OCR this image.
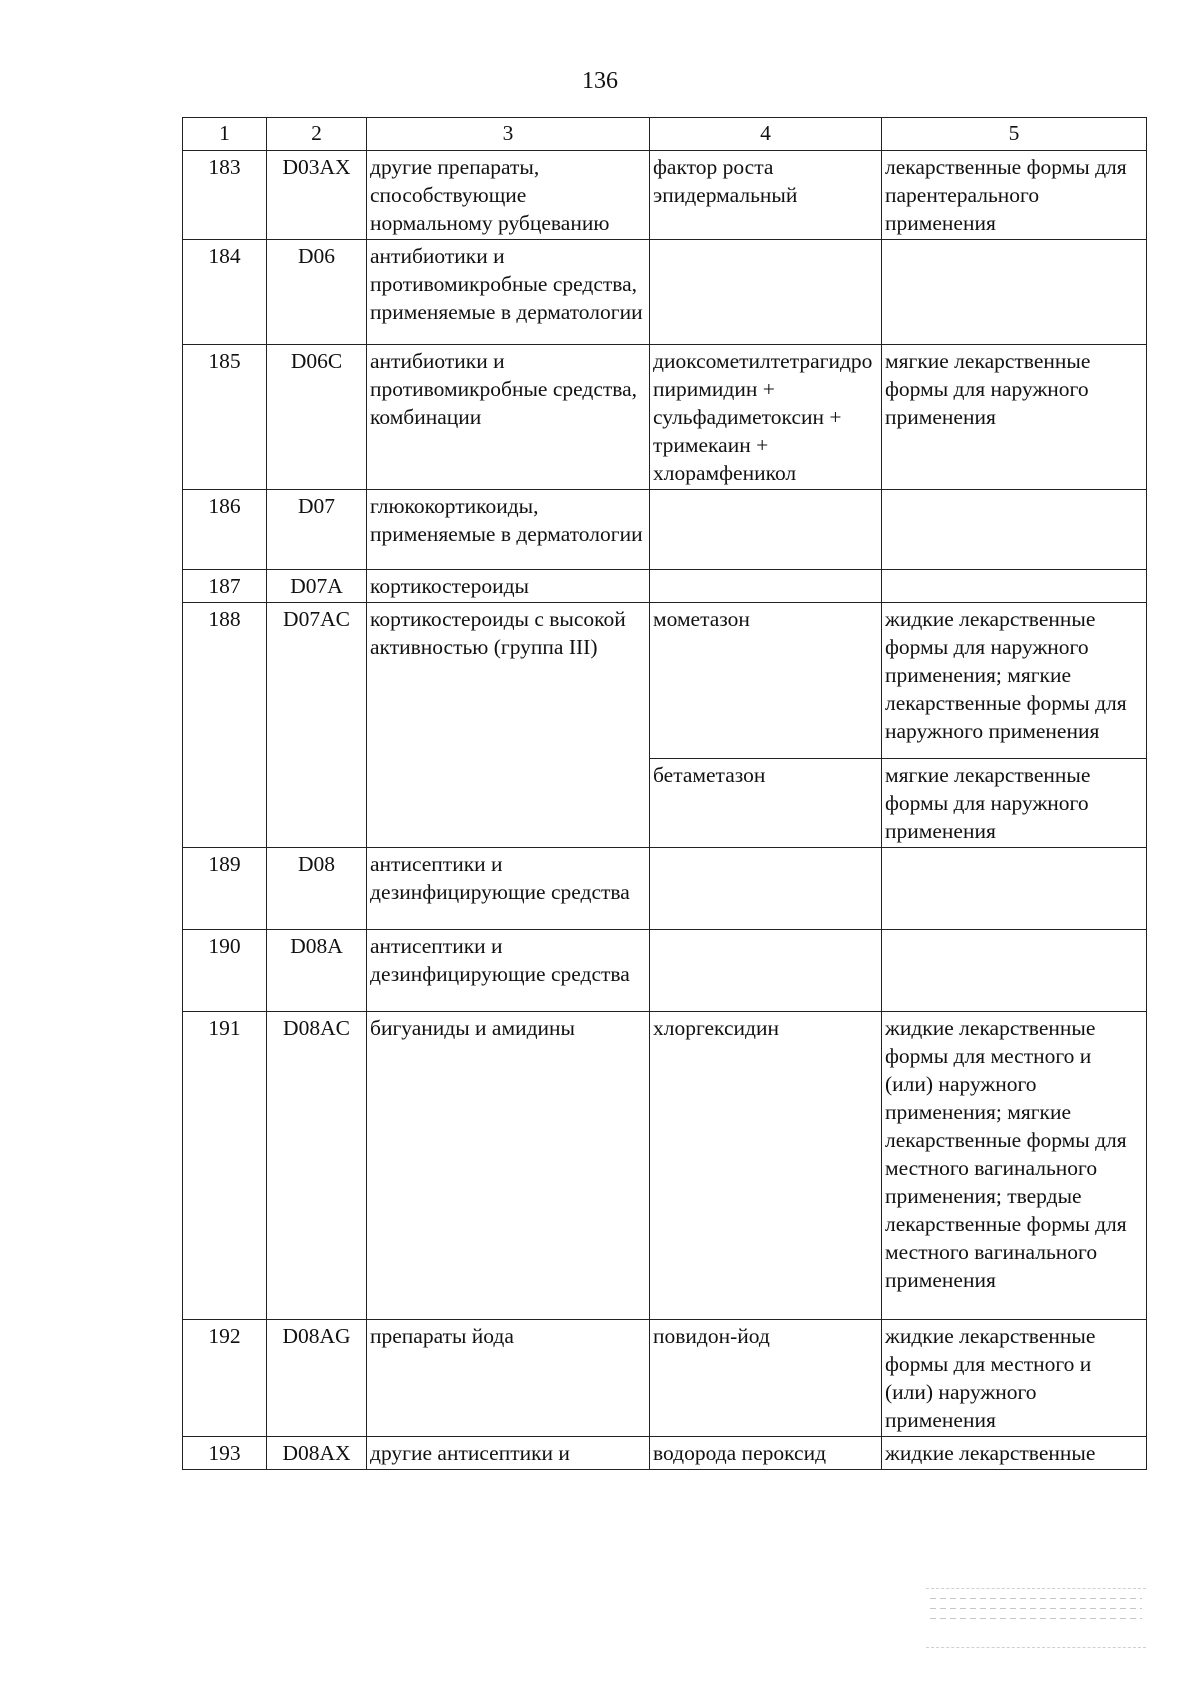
136
1	2	3	4	5
183	D03AX	другие препараты, способствующие нормальному рубцеванию	фактор роста эпидермальный	лекарственные формы для парентерального применения
184	D06	антибиотики и противомикробные средства, применяемые в дерматологии		
185	D06C	антибиотики и противомикробные средства, комбинации	диоксометилтетрагидропиримидин + сульфадиметоксин + тримекаин + хлорамфеникол	мягкие лекарственные формы для наружного применения
186	D07	глюкокортикоиды, применяемые в дерматологии		
187	D07A	кортикостероиды		
188	D07AC	кортикостероиды с высокой активностью (группа III)	мометазон	жидкие лекарственные формы для наружного применения; мягкие лекарственные формы для наружного применения
			бетаметазон	мягкие лекарственные формы для наружного применения
189	D08	антисептики и дезинфицирующие средства		
190	D08A	антисептики и дезинфицирующие средства		
191	D08AC	бигуаниды и амидины	хлоргексидин	жидкие лекарственные формы для местного и (или) наружного применения; мягкие лекарственные формы для местного вагинального применения; твердые лекарственные формы для местного вагинального применения
192	D08AG	препараты йода	повидон-йод	жидкие лекарственные формы для местного и (или) наружного применения
193	D08AX	другие антисептики и	водорода пероксид	жидкие лекарственные
